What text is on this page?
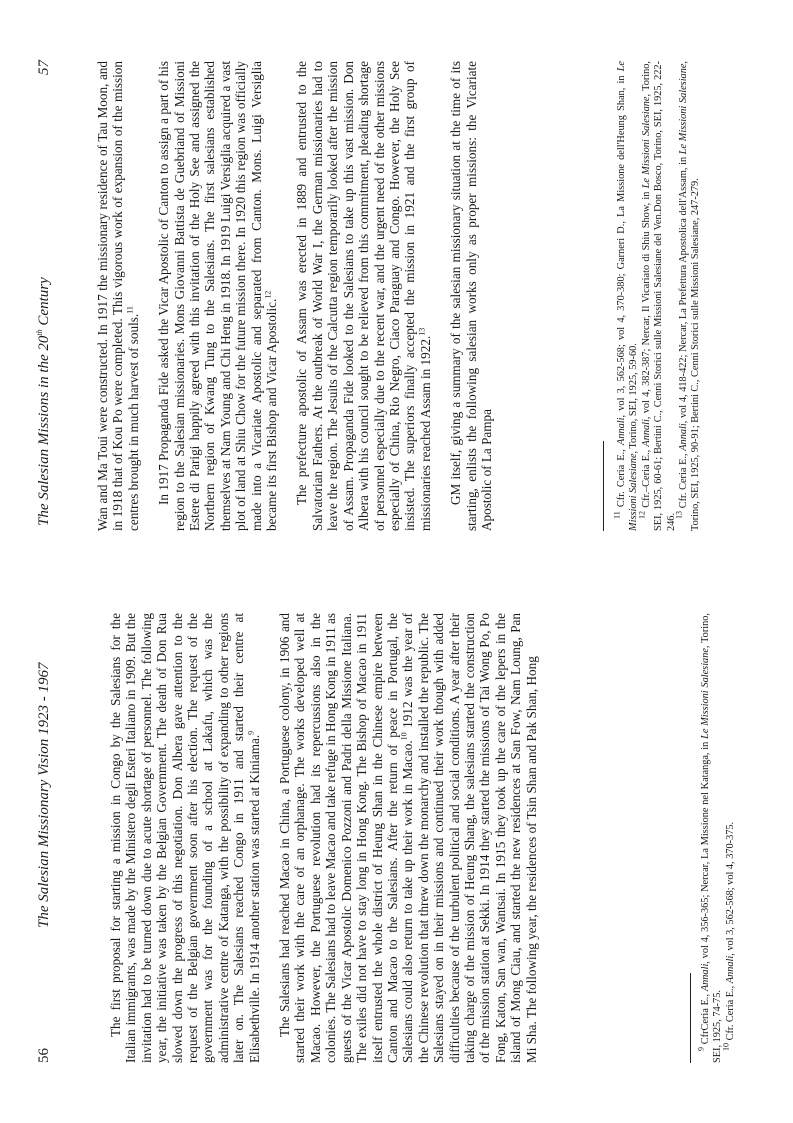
56
The Salesian Missionary Vision 1923 - 1967	The first proposal for starting a mission in Congo by the Salesians for the Italian immigrants, was made by the Ministero degli Esteri Italiano in 1909. But the invitation had to be turned down due to acute shortage of personnel. The following year, the initiative was taken by the Belgian Government. The death of Don Rua slowed down the progress of this negotiation. Don Albera gave attention to the request of the Belgian government soon after his election. The request of the government was for the founding of a school at Lakafu, which was the administrative centre of Katanga, with the possibility of expanding to other regions later on. The Salesians reached Congo in 1911 and started their centre at Elisabethville. In 1914 another station was started at Kiniama.$^9$	The Salesians had reached Macao in China, a Portuguese colony, in 1906 and started their work with the care of an orphanage. The works developed well at Macao. However, the Portuguese revolution had its repercussions also in the colonies. The Salesians had to leave Macao and take refuge in Hong Kong in 1911 as guests of the Vicar Apostolic Domenico Pozzoni and Padri della Missione Italiana. The exiles did not have to stay long in Hong Kong. The Bishop of Macao in 1911 itself entrusted the whole district of Heung Shan in the Chinese empire between Canton and Macao to the Salesians. After the return of peace in Portugal, the Salesians could also return to take up their work in Macao.$^{10}$ 1912 was the year of the Chinese revolution that threw down the monarchy and installed the republic. The Salesians stayed on in their missions and continued their work though with added difficulties because of the turbulent political and social conditions. A year after their taking charge of the mission of Heung Shang, the salesians started the construction of the mission station at Sekki. In 1914 they started the missions of Tai Wong Po, Po Fong, Katon, San wan, Wantsai. In 1915 they took up the care of the lepers in the island of Mong Ciau, and started the new residences at San Fow, Nam Loung, Pan Mi Sha. The following year, the residences of Tsin Shan and Pak Shan, Hong	$^9$ CfrCeria E., Annali, vol 4, 356-365; Nercar, La Missione nel Katanga, in Le Missioni Salesiane, Torino, SEI, 1925, 74-75.

$^{10}$ Cfr. Ceria E., Annali, vol 3, 562-568; vol 4, 370-375.

The Salesian Missions in the 20th Century
57	Wan and Ma Toui were constructed. In 1917 the missionary residence of Tau Moon, and in 1918 that of Kou Po were completed. This vigorous work of expansion of the mission centres brought in much harvest of souls.$^{11}$	In 1917 Propaganda Fide asked the Vicar Apostolic of Canton to assign a part of his region to the Salesian missionaries. Mons Giovanni Battista de Guebriand of Missioni Estere di Parigi happily agreed with this invitation of the Holy See and assigned the Northern region of Kwang Tung to the Salesians. The first salesians established themselves at Nam Young and Chi Heng in 1918. In 1919 Luigi Versiglia acquired a vast plot of land at Shiu Chow for the future mission there. In 1920 this region was officially made into a Vicariate Apostolic and separated from Canton. Mons. Luigi Versiglia became its first Bishop and Vicar Apostolic.$^{12}$	The prefecture apostolic of Assam was erected in 1889 and entrusted to the Salvatorian Fathers. At the outbreak of World War I, the German missionaries had to leave the region. The Jesuits of the Calcutta region temporarily looked after the mission of Assam. Propaganda Fide looked to the Salesians to take up this vast mission. Don Albera with his council sought to be relieved from this commitment, pleading shortage of personnel especially due to the recent war, and the urgent need of the other missions especially of China, Rio Negro, Ciaco Paraguay and Congo. However, the Holy See insisted. The superiors finally accepted the mission in 1921 and the first group of missionaries reached Assam in 1922.13	GM itself, giving a summary of the salesian missionary situation at the time of its starting, enlists the following salesian works only as proper missions: the Vicariate Apostolic of La Pampa	$^{11}$ Cfr. Ceria E., Annali, vol 3, 562-568; vol 4, 370-380; Garneri D., La Missione dell'Heung Shan, in Le Missioni Salesiane, Torino, SEI, 1925, 59-60.

$^{12}$ Cfr.–Ceria E., Annali, vol 4, 382-387; Nercar, Il Vicariato di Shiu Show, in Le Missioni Salesiane, Torino, SEI, 1925, 60-61; Bertini C., Cenni Storici sulle Missioni Salesiane del Ven.Don Bosco, Torino, SEI, 1925, 222-246.

$^{13}$ Cfr. Ceria E., Annali, vol 4, 418-422; Nercar, La Prefettura Apostolica dell'Assam, in Le Missioni Salesiane, Torino, SEI, 1925, 90-91; Bertini C., Cenni Storici sulle Missioni Salesiane, 247-279.
